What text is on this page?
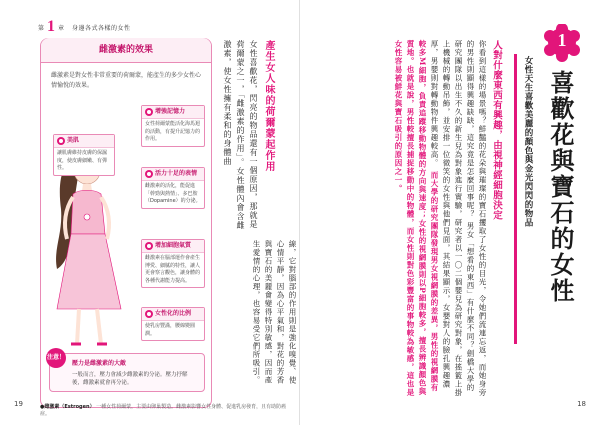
第 1 章 身邊各式各樣的女性
雌激素的效果
雌激素是對女性非常重要的荷爾蒙，能產生的多少女性心情愉悅的效果。
美肌
讓肌膚維持皮膚的保濕度，使皮膚細嫩、有彈性。
增強記憶力
女性荷爾蒙能活化海馬迴的活動，有提升記憶力的作用。
活力十足的表情
雌激素的活化，能促進「幹勁與熱情」、多巴胺（Dopamine）的分泌。
增加細胞氣質
雌激素在腦部運作會產生博愛、細膩的特性，讓人更會察言觀色，讓身體的各種代謝能力提高。
女性化的比例
使乳房豐滿，腰線變圓潤。
注意！
壓力是雌激素的大敵
一般而言，壓力會減少雌激素的分泌。壓力抒解後，雌激素就會再分泌。
產生女人味的荷爾蒙起作用
女性喜歡花，閃亮的物品還有一個原因，那就是荷爾蒙之一，「雌激素的作用」。女性體內會含雌激素，使女性擁有柔和的身體曲
線，它對腦部的作用則是強化嗅覺、使心情平靜，因為心平氣和，對花的芳香與寶石的美麗會變得特別敏感，因而產生愛情的心理，也容易受它們所吸引。
●雌激素（Estrogen） 一種女性荷爾蒙，主要由卵巢製造。雌激素影響女性身體、促進乳房發育，且有助防癌症。
19
1
喜歡花與寶石的女性
女性天生喜歡美麗的顏色與金光閃閃的物品
人對什麼東西有興趣，由視神經細胞決定
你看到這樣的場景嗎？鮮豔的花朵與璀璨的寶石攫取了女性的目光，令她們流連忘返，而她身旁的男性則顯得興趣缺缺，這究竟是怎麼回事呢？ 男女「想看的東西」有什麼不同？劍橋大學的研究團隊以出生不久的新生兒為對象進行實驗，研究者以一〇二個嬰兒為研究對象，在搖籃上掛上機械的轉動吊飾，並安排一位微笑的女性與他們見面，其結果顯示，女嬰對人的臉孔興趣濃厚，男嬰則對轉動物件興趣較高。 而大學的研究團隊發現男女視網膜的差異，男性的視網膜有較多M細胞，負責追蹤移動物體的方向與速度；女性的視網膜則以P細胞較多，擅長辨識顏色與質地。也就是說，男性較擅長捕捉移動中的物體，而女性則對色彩豐富的事物較為敏感，這也是女性容易被鮮花與寶石吸引的原因之一。
18
